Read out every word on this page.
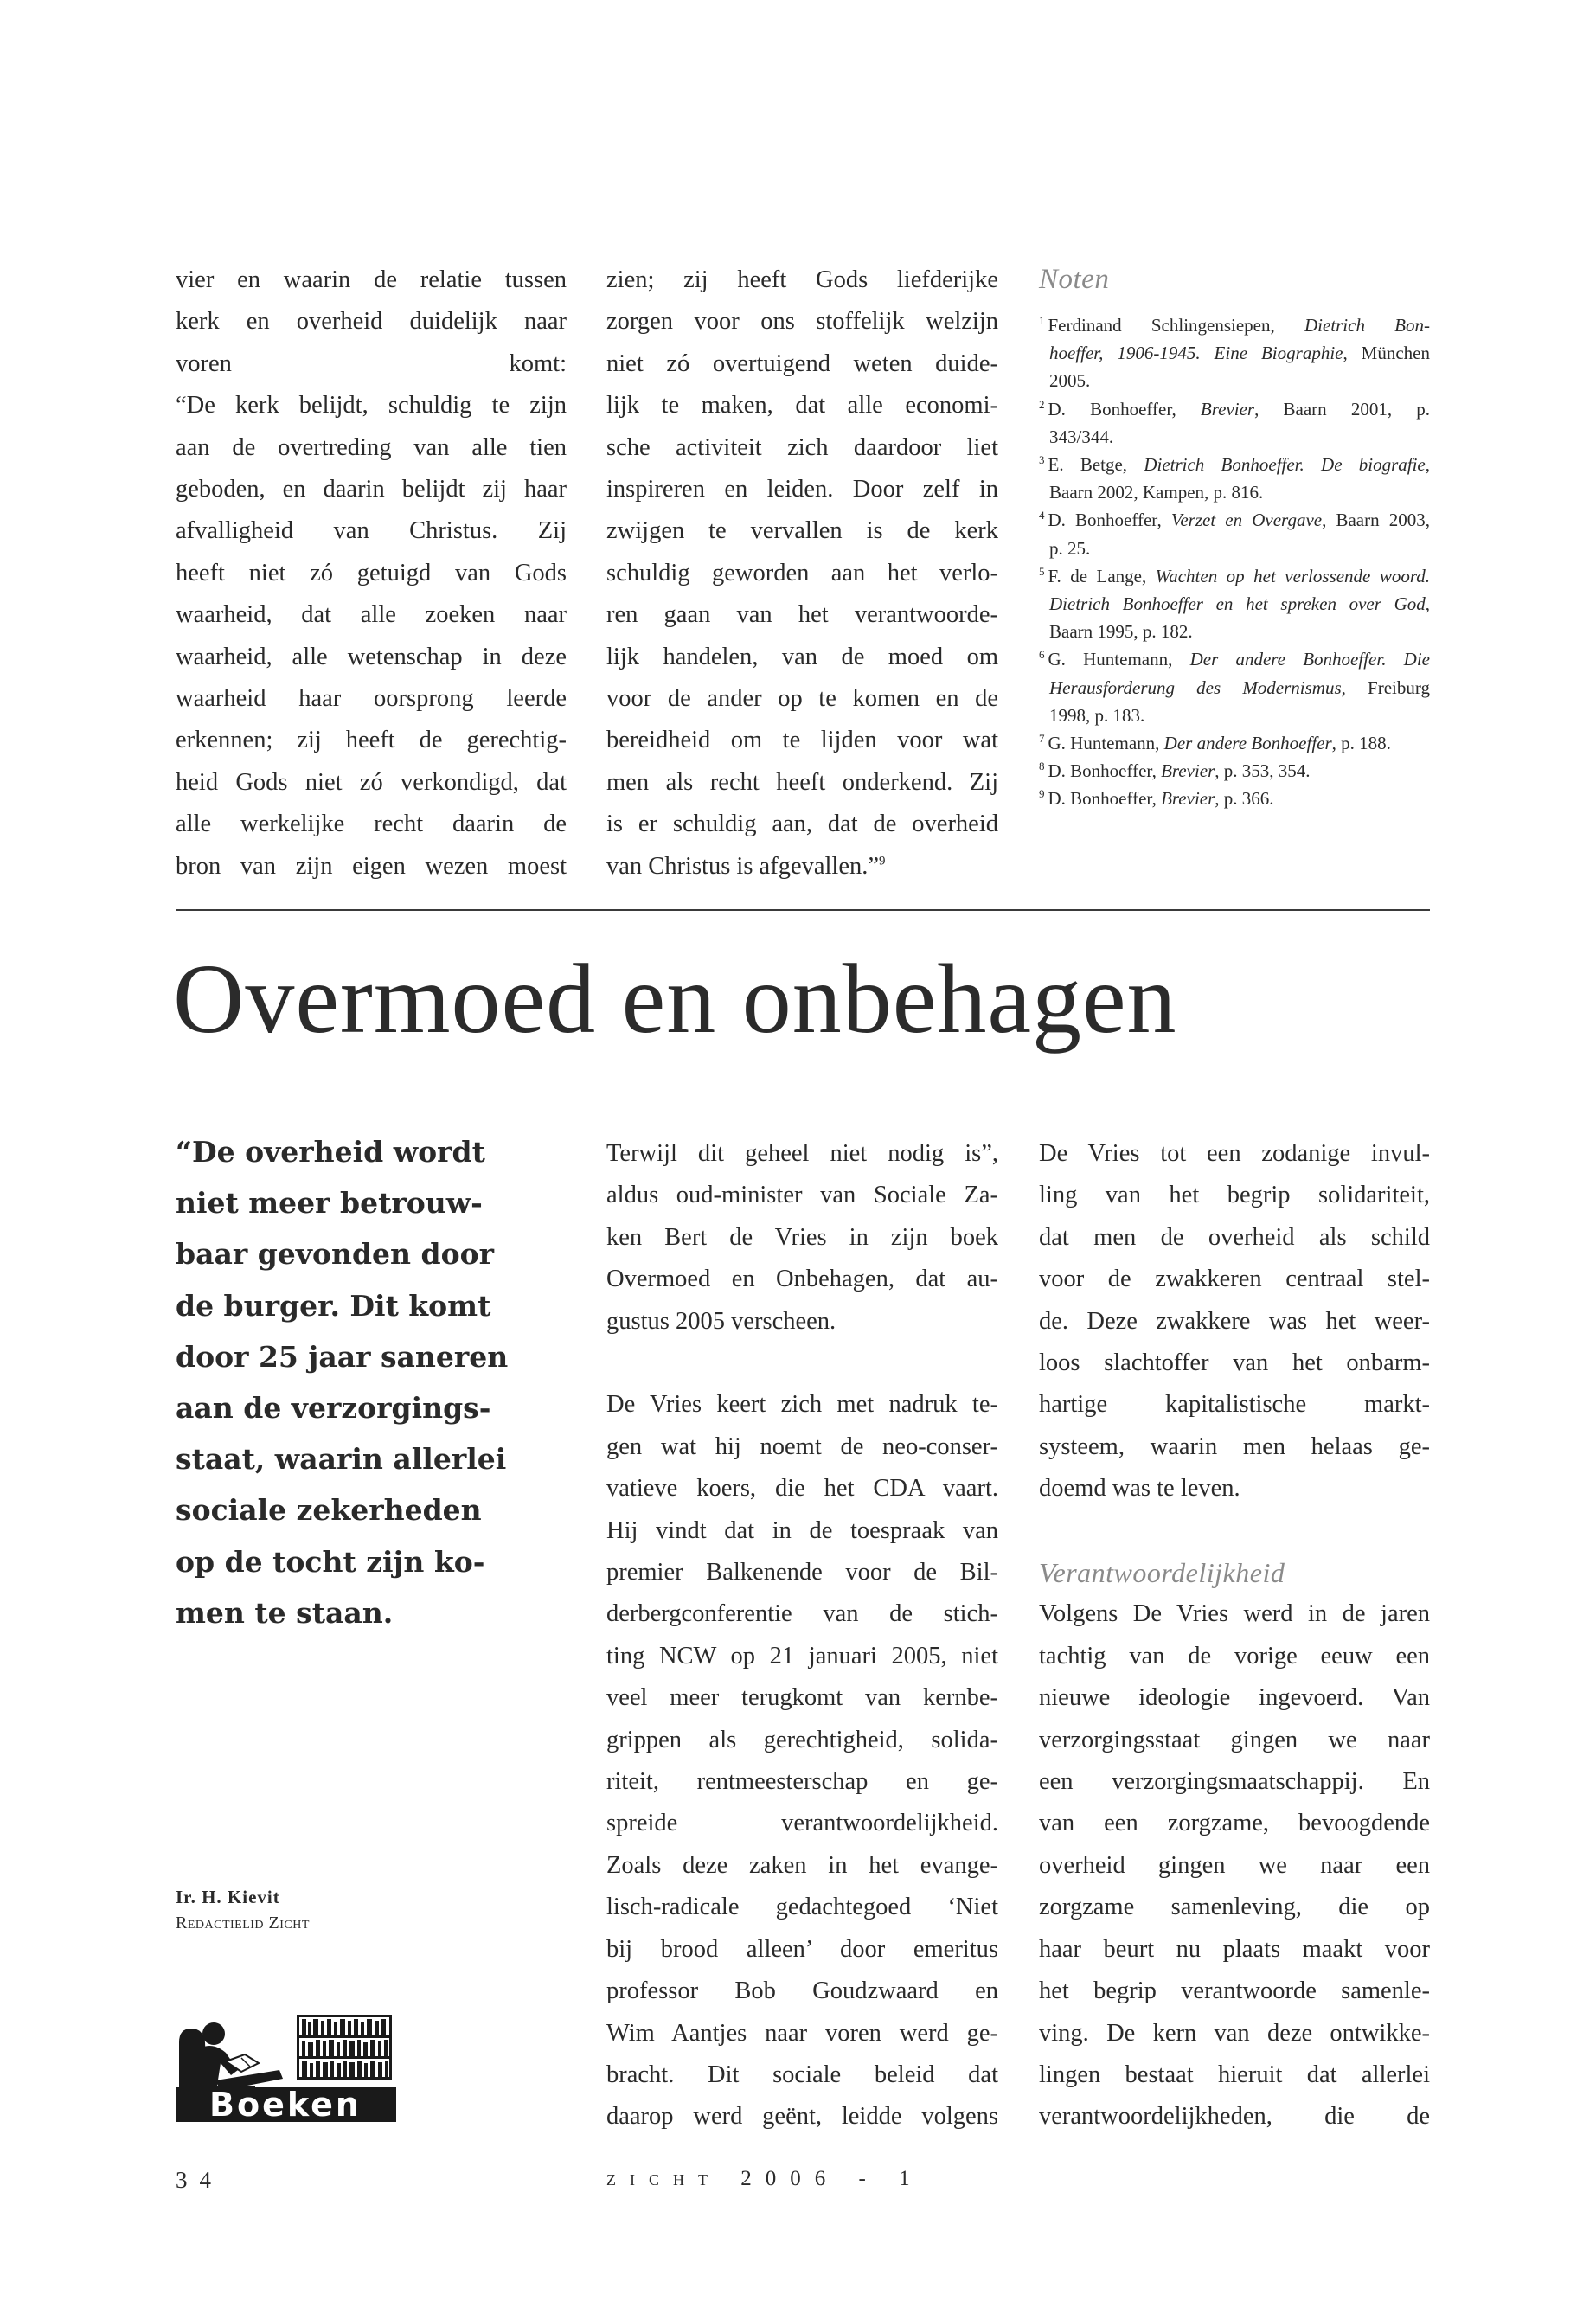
vier en waarin de relatie tussen
kerk en overheid duidelijk naar
voren komt:
“De kerk belijdt, schuldig te zijn
aan de overtreding van alle tien
geboden, en daarin belijdt zij haar
afvalligheid van Christus. Zij
heeft niet zó getuigd van Gods
waarheid, dat alle zoeken naar
waarheid, alle wetenschap in deze
waarheid haar oorsprong leerde
erkennen; zij heeft de gerechtig-
heid Gods niet zó verkondigd, dat
alle werkelijke recht daarin de
bron van zijn eigen wezen moest
zien; zij heeft Gods liefderijke
zorgen voor ons stoffelijk welzijn
niet zó overtuigend weten duide-
lijk te maken, dat alle economi-
sche activiteit zich daardoor liet
inspireren en leiden. Door zelf in
zwijgen te vervallen is de kerk
schuldig geworden aan het verlo-
ren gaan van het verantwoorde-
lijk handelen, van de moed om
voor de ander op te komen en de
bereidheid om te lijden voor wat
men als recht heeft onderkend. Zij
is er schuldig aan, dat de overheid
van Christus is afgevallen.”$^9$
Noten
$^1$ Ferdinand Schlingensiepen, Dietrich Bon-
hoeffer, 1906-1945. Eine Biographie, München
2005.
$^2$ D. Bonhoeffer, Brevier, Baarn 2001, p.
343/344.
$^3$ E. Betge, Dietrich Bonhoeffer. De biografie,
Baarn 2002, Kampen, p. 816.
$^4$ D. Bonhoeffer, Verzet en Overgave, Baarn 2003,
p. 25.
$^5$ F. de Lange, Wachten op het verlossende woord.
Dietrich Bonhoeffer en het spreken over God,
Baarn 1995, p. 182.
$^6$ G. Huntemann, Der andere Bonhoeffer. Die
Herausforderung des Modernismus, Freiburg
1998, p. 183.
$^7$ G. Huntemann, Der andere Bonhoeffer, p. 188.
$^8$ D. Bonhoeffer, Brevier, p. 353, 354.
$^9$ D. Bonhoeffer, Brevier, p. 366.
Overmoed en onbehagen
“De overheid wordt
niet meer betrouw-
baar gevonden door
de burger. Dit komt
door 25 jaar saneren
aan de verzorgings-
staat, waarin allerlei
sociale zekerheden
op de tocht zijn ko-
men te staan.
Ir. H. Kievit
Redactielid Zicht
Boeken
Terwijl dit geheel niet nodig is”,
aldus oud-minister van Sociale Za-
ken Bert de Vries in zijn boek
Overmoed en Onbehagen, dat au-
gustus 2005 verscheen.
De Vries keert zich met nadruk te-
gen wat hij noemt de neo-conser-
vatieve koers, die het CDA vaart.
Hij vindt dat in de toespraak van
premier Balkenende voor de Bil-
derbergconferentie van de stich-
ting NCW op 21 januari 2005, niet
veel meer terugkomt van kernbe-
grippen als gerechtigheid, solida-
riteit, rentmeesterschap en ge-
spreide verantwoordelijkheid.
Zoals deze zaken in het evange-
lisch-radicale gedachtegoed ‘Niet
bij brood alleen’ door emeritus
professor Bob Goudzwaard en
Wim Aantjes naar voren werd ge-
bracht. Dit sociale beleid dat
daarop werd geënt, leidde volgens
De Vries tot een zodanige invul-
ling van het begrip solidariteit,
dat men de overheid als schild
voor de zwakkeren centraal stel-
de. Deze zwakkere was het weer-
loos slachtoffer van het onbarm-
hartige kapitalistische markt-
systeem, waarin men helaas ge-
doemd was te leven.
Verantwoordelijkheid
Volgens De Vries werd in de jaren
tachtig van de vorige eeuw een
nieuwe ideologie ingevoerd. Van
verzorgingsstaat gingen we naar
een verzorgingsmaatschappij. En
van een zorgzame, bevoogdende
overheid gingen we naar een
zorgzame samenleving, die op
haar beurt nu plaats maakt voor
het begrip verantwoorde samenle-
ving. De kern van deze ontwikke-
lingen bestaat hieruit dat allerlei
verantwoordelijkheden, die de
34	zicht 2006 - 1
